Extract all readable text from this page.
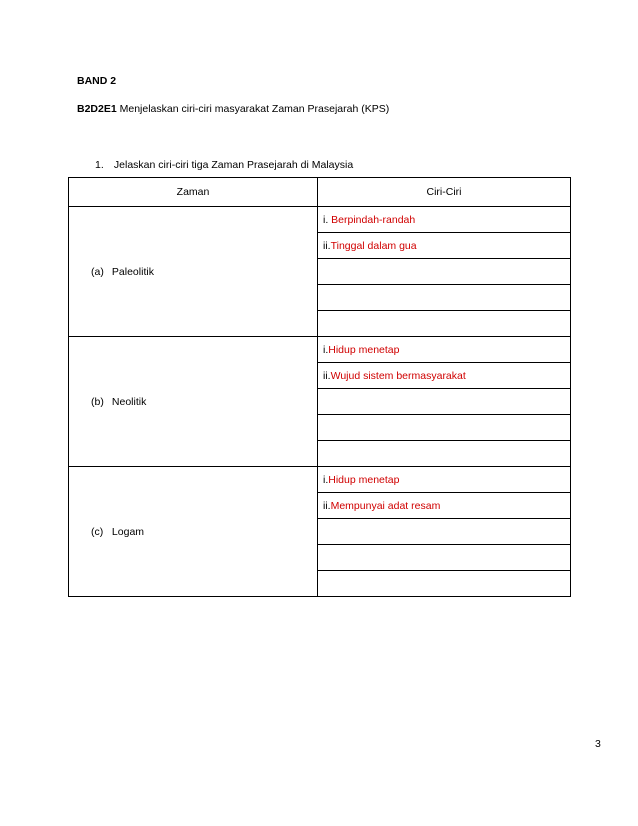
BAND 2
B2D2E1 Menjelaskan ciri-ciri masyarakat Zaman Prasejarah (KPS)
1. Jelaskan ciri-ciri tiga Zaman Prasejarah di Malaysia
Zaman	Ciri-Ciri
(a) Paleolitik	i. Berpindah-randah
	ii.Tinggal dalam gua

(b) Neolitik	i.Hidup menetap
	ii.Wujud sistem bermasyarakat

(c) Logam	i.Hidup menetap
	ii.Mempunyai adat resam

3
